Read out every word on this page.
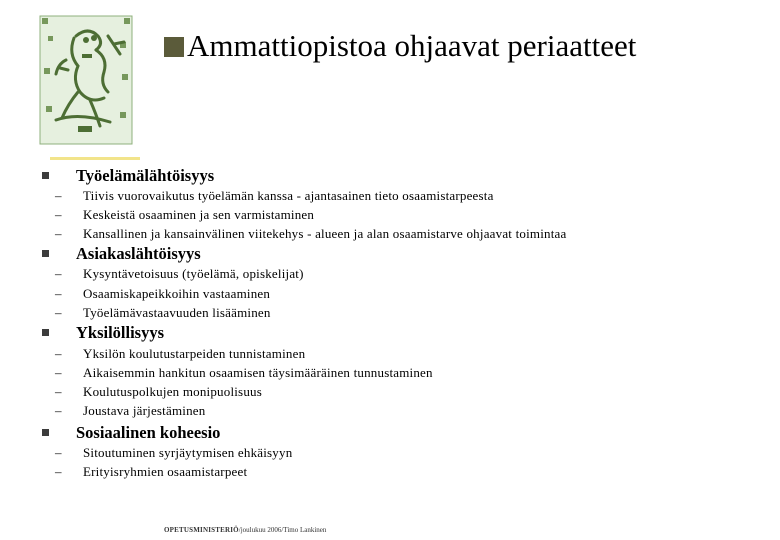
Ammattiopistoa ohjaavat periaatteet
Työelämälähtöisyys
– Tiivis vuorovaikutus työelämän kanssa - ajantasainen tieto osaamistarpeesta
– Keskeistä osaaminen ja sen varmistaminen
– Kansallinen ja kansainvälinen viitekehys - alueen ja alan osaamistarve ohjaavat toimintaa
Asiakaslähtöisyys
– Kysyntävetoisuus (työelämä, opiskelijat)
– Osaamiskapeikkoihin vastaaminen
– Työelämävastaavuuden lisääminen
Yksilöllisyys
– Yksilön koulutustarpeiden tunnistaminen
– Aikaisemmin hankitun osaamisen täysimääräinen tunnustaminen
– Koulutuspolkujen monipuolisuus
– Joustava järjestäminen
Sosiaalinen koheesio
– Sitoutuminen syrjäytymisen ehkäisyyn
– Erityisryhmien osaamistarpeet
OPETUSMINISTERIÖ/joulukuu 2006/Timo Lankinen
